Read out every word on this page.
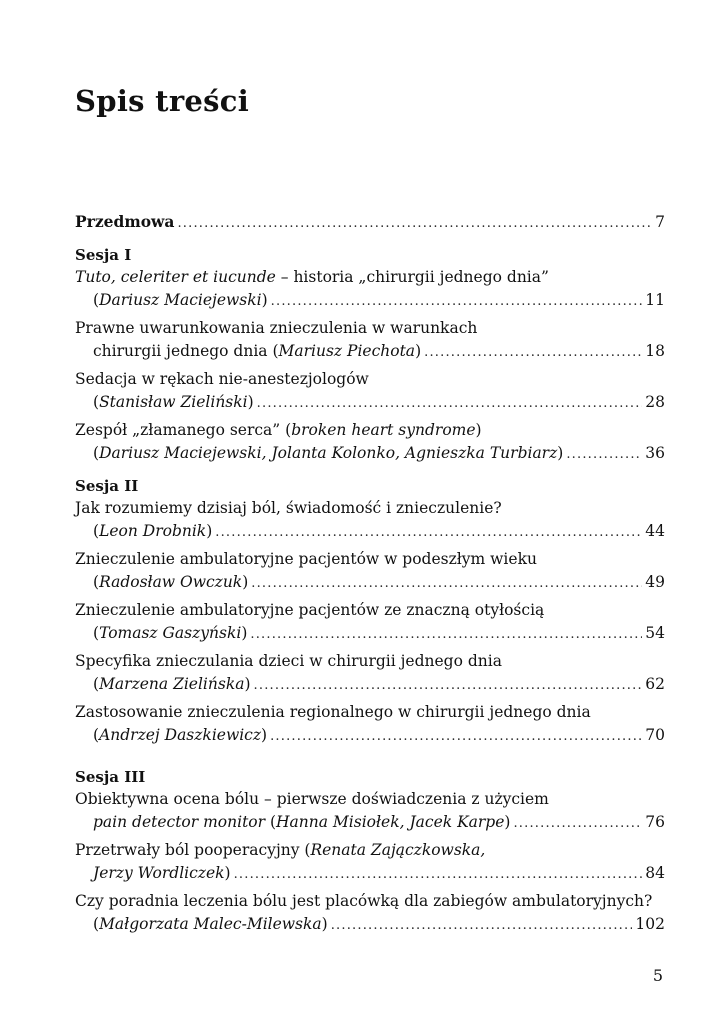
Spis treści
Przedmowa .....	7
Sesja I
Tuto, celeriter et iucunde – historia „chirurgii jednego dnia”
(Dariusz Maciejewski) .....	11
Prawne uwarunkowania znieczulenia w warunkach
chirurgii jednego dnia (Mariusz Piechota) .....	18
Sedacja w rękach nie-anestezjologów
(Stanisław Zieliński) .....	28
Zespół „złamanego serca” (broken heart syndrome)
(Dariusz Maciejewski, Jolanta Kolonko, Agnieszka Turbiarz) .....	36
Sesja II
Jak rozumiemy dzisiaj ból, świadomość i znieczulenie?
(Leon Drobnik) .....	44
Znieczulenie ambulatoryjne pacjentów w podeszłym wieku
(Radosław Owczuk) .....	49
Znieczulenie ambulatoryjne pacjentów ze znaczną otyłością
(Tomasz Gaszyński) .....	54
Specyfika znieczulania dzieci w chirurgii jednego dnia
(Marzena Zielińska) .....	62
Zastosowanie znieczulenia regionalnego w chirurgii jednego dnia
(Andrzej Daszkiewicz) .....	70
Sesja III
Obiektywna ocena bólu – pierwsze doświadczenia z użyciem
pain detector monitor (Hanna Misiołek, Jacek Karpe) .....	76
Przetrwały ból pooperacyjny (Renata Zajączkowska,
Jerzy Wordliczek) .....	84
Czy poradnia leczenia bólu jest placówką dla zabiegów ambulatoryjnych?
(Małgorzata Malec-Milewska) .....	102
5
